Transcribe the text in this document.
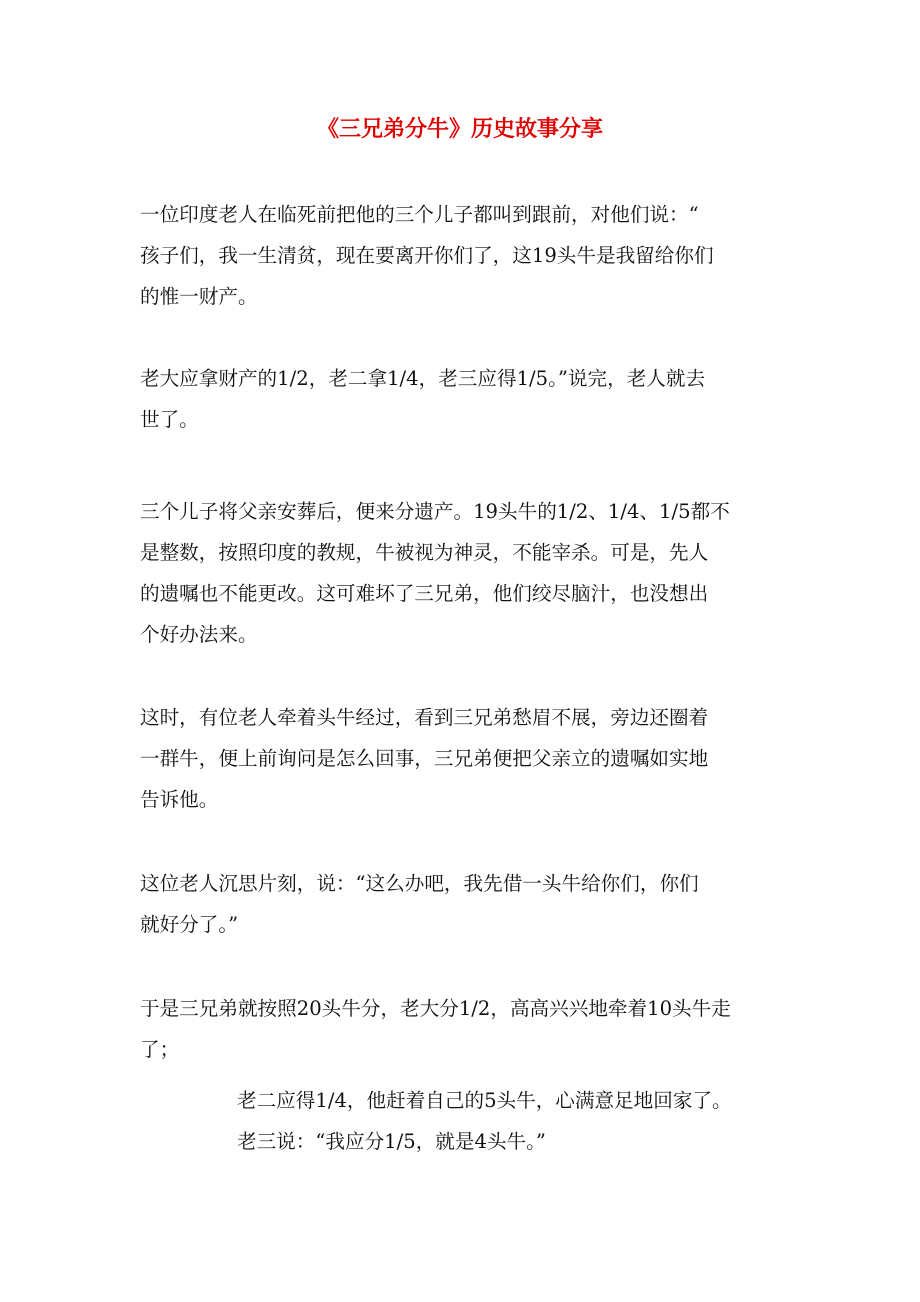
《三兄弟分牛》历史故事分享
一位印度老人在临死前把他的三个儿子都叫到跟前，对他们说：“
孩子们，我一生清贫，现在要离开你们了，这19头牛是我留给你们
的惟一财产。
老大应拿财产的1/2，老二拿1/4，老三应得1/5。”说完，老人就去
世了。
三个儿子将父亲安葬后，便来分遗产。19头牛的1/2、1/4、1/5都不
是整数，按照印度的教规，牛被视为神灵，不能宰杀。可是，先人
的遗嘱也不能更改。这可难坏了三兄弟，他们绞尽脑汁，也没想出
个好办法来。
这时，有位老人牵着头牛经过，看到三兄弟愁眉不展，旁边还圈着
一群牛，便上前询问是怎么回事，三兄弟便把父亲立的遗嘱如实地
告诉他。
这位老人沉思片刻，说：“这么办吧，我先借一头牛给你们，你们
就好分了。”
于是三兄弟就按照20头牛分，老大分1/2，高高兴兴地牵着10头牛走
了；
老二应得1/4，他赶着自己的5头牛，心满意足地回家了。
老三说：“我应分1/5，就是4头牛。”
